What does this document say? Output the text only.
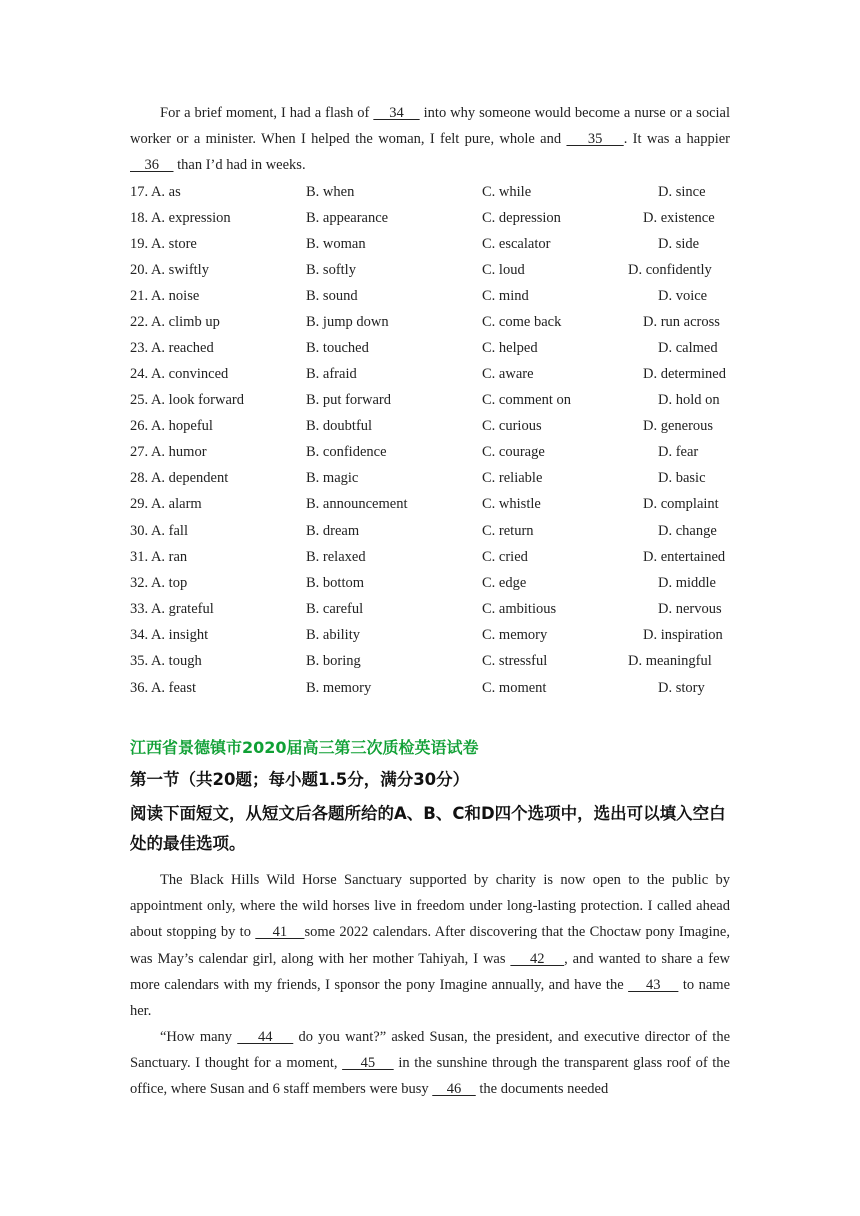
For a brief moment, I had a flash of     34     into why someone would become a nurse or a social worker or a minister. When I helped the woman, I felt pure, whole and     35    . It was a happier     36     than I’d had in weeks.
17. A. as	B. when	C. while	D. since
18. A. expression	B. appearance	C. depression	D. existence
19. A. store	B. woman	C. escalator	D. side
20. A. swiftly	B. softly	C. loud	D. confidently
21. A. noise	B. sound	C. mind	D. voice
22. A. climb up	B. jump down	C. come back	D. run across
23. A. reached	B. touched	C. helped	D. calmed
24. A. convinced	B. afraid	C. aware	D. determined
25. A. look forward	B. put forward	C. comment on	D. hold on
26. A. hopeful	B. doubtful	C. curious	D. generous
27. A. humor	B. confidence	C. courage	D. fear
28. A. dependent	B. magic	C. reliable	D. basic
29. A. alarm	B. announcement	C. whistle	D. complaint
30. A. fall	B. dream	C. return	D. change
31. A. ran	B. relaxed	C. cried	D. entertained
32. A. top	B. bottom	C. edge	D. middle
33. A. grateful	B. careful	C. ambitious	D. nervous
34. A. insight	B. ability	C. memory	D. inspiration
35. A. tough	B. boring	C. stressful	D. meaningful
36. A. feast	B. memory	C. moment	D. story
江西省景德镇市2020届高三第三次质检英语试卷
第一节（共20题；每小题1.5分，满分30分）
阅读下面短文，从短文后各题所给的A、B、C和D四个选项中，选出可以填入空白处的最佳选项。
The Black Hills Wild Horse Sanctuary supported by charity is now open to the public by appointment only, where the wild horses live in freedom under long-lasting protection. I called ahead about stopping by to     41    some 2022 calendars. After discovering that the Choctaw pony Imagine, was May’s calendar girl, along with her mother Tahiyah, I was     42    , and wanted to share a few more calendars with my friends, I sponsor the pony Imagine annually, and have the     43     to name her.
“How many     44     do you want?” asked Susan, the president, and executive director of the Sanctuary. I thought for a moment,     45     in the sunshine through the transparent glass roof of the office, where Susan and 6 staff members were busy     46     the documents needed
